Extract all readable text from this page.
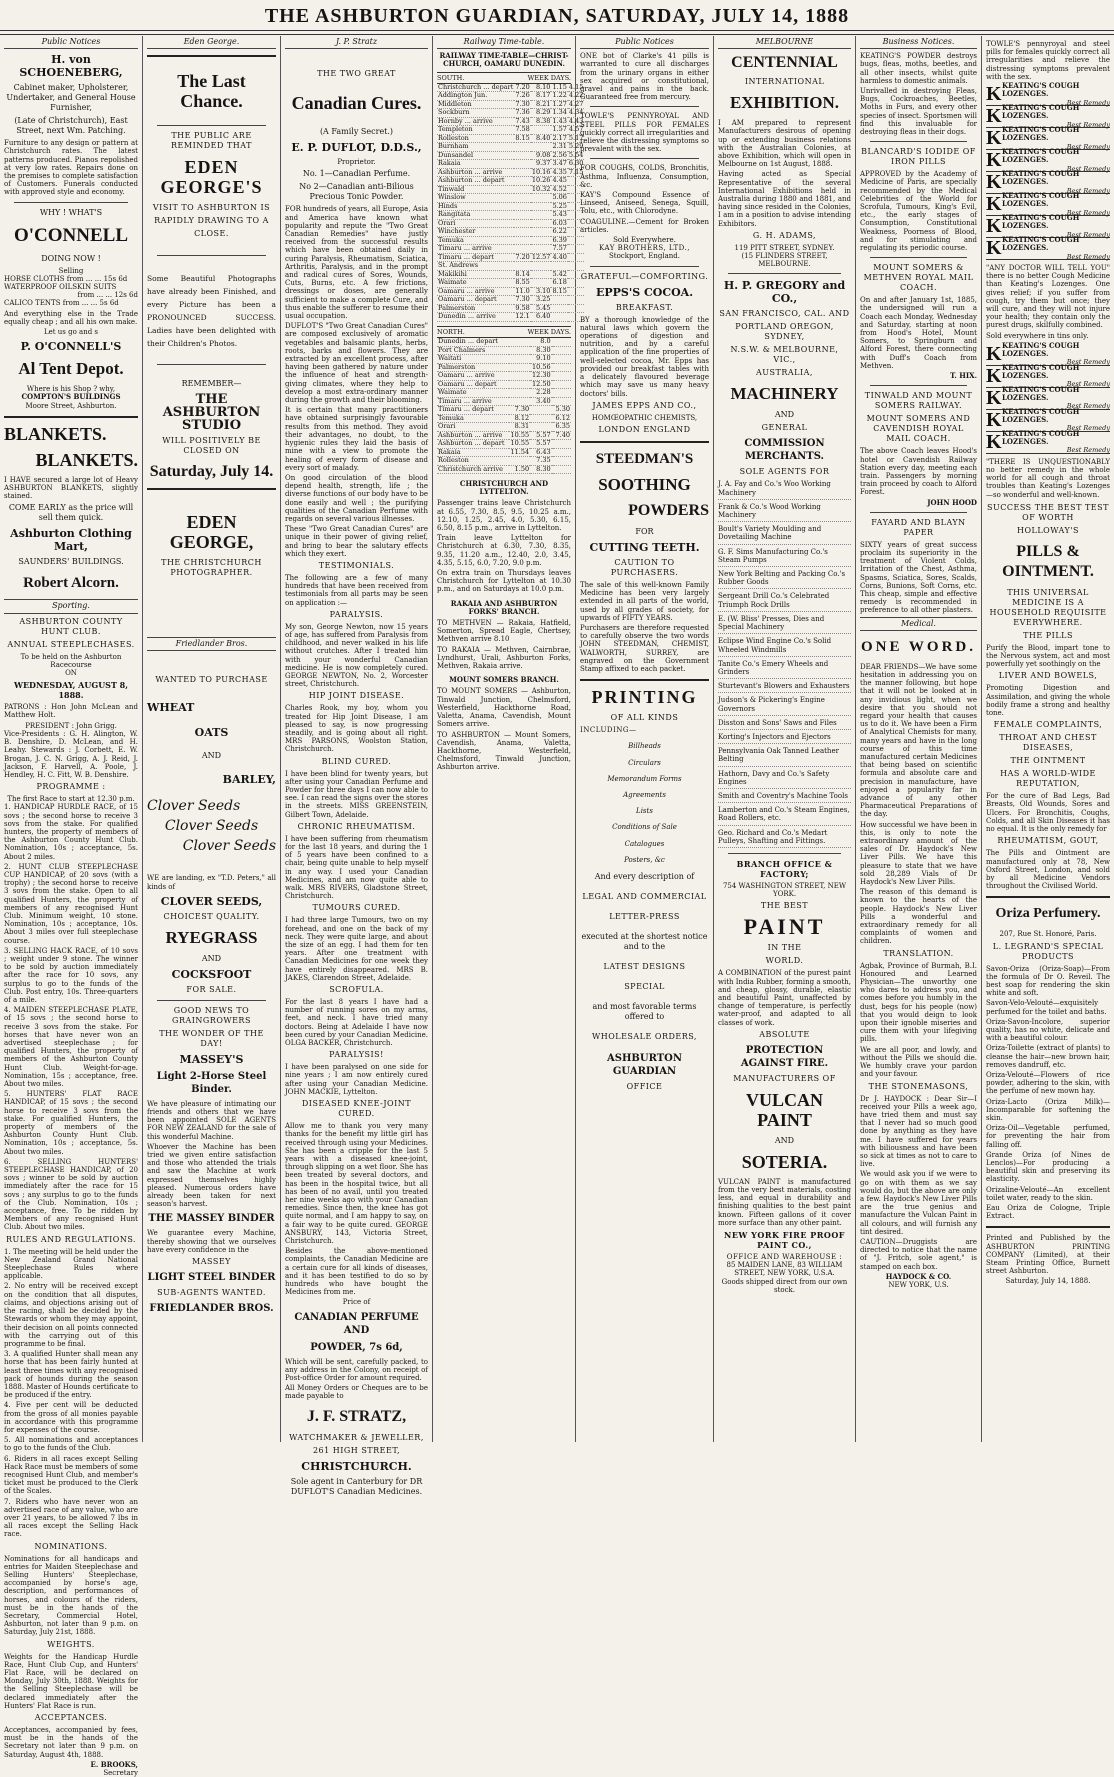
THE ASHBURTON GUARDIAN, SATURDAY, JULY 14, 1888
Public Notices
H. von SCHOENEBERG,
Cabinet maker, Upholsterer, Undertaker, and General House Furnisher,
(Late of Christchurch), East Street, next Wm. Patching.
Furniture to any design or pattern at Christchurch rates. The latest patterns produced. Pianos repolished at very low rates. Repairs done on the premises to complete satisfaction of Customers. Funerals conducted with approved style and economy.
WHY ! WHAT'S
O'CONNELL
DOING NOW !
Selling
HORSE CLOTHS from ... ... 15s 6d
WATERPROOF OILSKIN SUITS
from ... ... 12s 6d
CALICO TENTS from ... ... 5s 6d
And everything else in the Trade equally cheap ; and all his own make.
Let us go and s
P. O'CONNELL'S
Al Tent Depot.
Where is his Shop ? why,
COMPTON'S BUILDINGS
Moore Street, Ashburton.
BLANKETS.
BLANKETS.
I HAVE secured a large lot of Heavy ASHBURTON BLANKETS, slightly stained.
COME EARLY as the price will sell them quick.
Ashburton Clothing Mart,
SAUNDERS' BUILDINGS.
Robert Alcorn.
Sporting.
ASHBURTON COUNTY HUNT CLUB.
ANNUAL STEEPLECHASES.
To be held on the Ashburton Racecourse
ON
WEDNESDAY, AUGUST 8, 1888.
PATRONS : Hon John McLean and Matthew Holt.
PRESIDENT : John Grigg.

Vice-Presidents : G. H. Alington, W. B. Denshire, D. McLean, and H. Leahy. Stewards : J. Corbett, E. W. Brogan, J. C. N. Grigg, A. J. Reid, J. Jackson, F. Harvell, A. Poole, J. Hendley, H. C. Fitt, W. B. Denshire.

PROGRAMME :
The first Race to start at 12.30 p.m.

1. HANDICAP HURDLE RACE, of 15 sovs ; the second horse to receive 3 sovs from the stake. For qualified hunters, the property of members of the Ashburton County Hunt Club. Nomination, 10s ; acceptance, 5s. About 2 miles.

2. HUNT CLUB STEEPLECHASE CUP HANDICAP, of 20 sovs (with a trophy) ; the second horse to receive 3 sovs from the stake. Open to all qualified Hunters, the property of members of any recognised Hunt Club. Minimum weight, 10 stone. Nomination, 10s ; acceptance, 10s. About 3 miles over full steeplechase course.

3. SELLING HACK RACE, of 10 sovs ; weight under 9 stone. The winner to be sold by auction immediately after the race for 10 sovs, any surplus to go to the funds of the Club. Post entry, 10s. Three-quarters of a mile.

4. MAIDEN STEEPLECHASE PLATE, of 15 sovs ; the second horse to receive 3 sovs from the stake. For horses that have never won an advertised steeplechase ; for qualified Hunters, the property of members of the Ashburton County Hunt Club. Weight-for-age. Nomination, 15s ; acceptance, free. About two miles.

5. HUNTERS' FLAT RACE HANDICAP, of 15 sovs ; the second horse to receive 3 sovs from the stake. For qualified Hunters, the property of members of the Ashburton County Hunt Club. Nomination, 10s ; acceptance, 5s. About two miles.

6. SELLING HUNTERS' STEEPLECHASE HANDICAP, of 20 sovs ; winner to be sold by auction immediately after the race for 15 sovs ; any surplus to go to the funds of the Club. Nomination, 10s ; acceptance, free. To be ridden by Members of any recognised Hunt Club. About two miles.

RULES AND REGULATIONS.

1. The meeting will be held under the New Zealand Grand National Steeplechase Rules where applicable.

2. No entry will be received except on the condition that all disputes, claims, and objections arising out of the racing, shall be decided by the Stewards or whom they may appoint, their decision on all points connected with the carrying out of this programme to be final.

3. A qualified Hunter shall mean any horse that has been fairly hunted at least three times with any recognised pack of hounds during the season 1888. Master of Hounds certificate to be produced if the entry.

4. Five per cent will be deducted from the gross of all monies payable in accordance with this programme for expenses of the course.

5. All nominations and acceptances to go to the funds of the Club.

6. Riders in all races except Selling Hack Race must be members of some recognised Hunt Club, and member's ticket must be produced to the Clerk of the Scales.

7. Riders who have never won an advertised race of any value, who are over 21 years, to be allowed 7 lbs in all races except the Selling Hack race.

NOMINATIONS.

Nominations for all handicaps and entries for Maiden Steeplechase and Selling Hunters' Steeplechase, accompanied by horse's age, description, and performances of horses, and colours of the riders, must be in the hands of the Secretary, Commercial Hotel, Ashburton, not later than 9 p.m. on Saturday, July 21st, 1888.

WEIGHTS.

Weights for the Handicap Hurdle Race, Hunt Club Cup, and Hunters' Flat Race, will be declared on Monday, July 30th, 1888. Weights for the Selling Steeplechase will be declared immediately after the Hunters' Flat Race is run.

ACCEPTANCES.

Acceptances, accompanied by fees, must be in the hands of the Secretary not later than 9 p.m. on Saturday, August 4th, 1888.

E. BROOKS,
Secretary
Eden George.
The Last Chance.
THE PUBLIC ARE REMINDED THAT
EDEN GEORGE'S
VISIT TO ASHBURTON IS
RAPIDLY DRAWING TO A
CLOSE.
Some Beautiful Photographs have already been Finished, and every Picture has been a PRONOUNCED SUCCESS. Ladies have been delighted with their Children's Photos.
REMEMBER—
THE ASHBURTON STUDIO
WILL POSITIVELY BE CLOSED ON
Saturday, July 14.
EDEN GEORGE,
THE CHRISTCHURCH PHOTOGRAPHER.
Friedlander Bros.
WANTED TO PURCHASE
WHEAT
OATS
AND
BARLEY,
Clover Seeds
Clover Seeds
Clover Seeds
WE are landing, ex "T.D. Peters," all kinds of
CLOVER SEEDS,
CHOICEST QUALITY.
RYEGRASS
AND
COCKSFOOT
FOR SALE.
GOOD NEWS TO GRAINGROWERS
THE WONDER OF THE DAY!
MASSEY'S
Light 2-Horse Steel Binder.

We have pleasure of intimating our friends and others that we have been appointed SOLE AGENTS FOR NEW ZEALAND for the sale of this wonderful Machine.

Whoever the Machine has been tried we given entire satisfaction and those who attended the trials and saw the Machine at work expressed themselves highly pleased. Numerous orders have already been taken for next season's harvest.

THE MASSEY BINDER

We guarantee every Machine, thereby showing that we ourselves have every confidence in the

MASSEY
LIGHT STEEL BINDER
SUB-AGENTS WANTED.
FRIEDLANDER BROS.
J. P. Stratz
THE TWO GREAT
Canadian Cures.
(A Family Secret.)
E. P. DUFLOT, D.D.S.,
Proprietor.
No. 1—Canadian Perfume.
No 2—Canadian anti-Bilious Precious Tonic Powder.

FOR hundreds of years, all Europe, Asia and America have known what popularity and repute the "Two Great Canadian Remedies" have justly received from the successful results which have been obtained daily in curing Paralysis, Rheumatism, Sciatica, Arthritis, Paralysis, and in the prompt and radical cures of Sores, Wounds, Cuts, Burns, etc. A few frictions, dressings or doses, are generally sufficient to make a complete Cure, and thus enable the sufferer to resume their usual occupation.

DUFLOT'S "Two Great Canadian Cures" are composed exclusively of aromatic vegetables and balsamic plants, herbs, roots, barks and flowers. They are extracted by an excellent process, after having been gathered by nature under the influence of heat and strength-giving climates, where they help to develop a most extra-ordinary manner during the growth and their blooming.

It is certain that many practitioners have obtained surprisingly favourable results from this method. They avoid their advantages, no doubt, to the hygienic rules they laid the basis of mine with a view to promote the healing of every form of disease and every sort of malady.

On good circulation of the blood depend health, strength, life ; the diverse functions of our body have to be done easily and well ; the purifying qualities of the Canadian Perfume with regards on several various illnesses.

These "Two Great Canadian Cures" are unique in their power of giving relief, and bring to bear the salutary effects which they exert.

TESTIMONIALS.

The following are a few of many hundreds that have been received from testimonials from all parts may be seen on application :—

PARALYSIS.

My son, George Newton, now 15 years of age, has suffered from Paralysis from childhood, and never walked in his life without crutches. After I treated him with your wonderful Canadian medicine. He is now completely cured. GEORGE NEWTON, No. 2, Worcester street, Christchurch.

HIP JOINT DISEASE.

Charles Rook, my boy, whom you treated for Hip Joint Disease, I am pleased to say, is now progressing steadily, and is going about all right. MRS PARSONS, Woolston Station, Christchurch.

BLIND CURED.

I have been blind for twenty years, but after using your Canadian Perfume and Powder for three days I can now able to see. I can read the signs over the stores in the streets. MISS GREENSTEIN, Gilbert Town, Adelaide.

CHRONIC RHEUMATISM.

I have been suffering from rheumatism for the last 18 years, and during the 1 of 5 years have been confined to a chair, being quite unable to help myself in any way. I used your Canadian Medicines, and am now quite able to walk. MRS RIVERS, Gladstone Street, Christchurch.

TUMOURS CURED.

I had three large Tumours, two on my forehead, and one on the back of my neck. They were quite large, and about the size of an egg. I had them for ten years. After one treatment with Canadian Medicines for one week they have entirely disappeared. MRS B. JAKES, Clarendon Street, Adelaide.

SCROFULA.

For the last 8 years I have had a number of running sores on my arms, feet, and neck. I have tried many doctors. Being at Adelaide I have now been cured by your Canadian Medicine. OLGA BACKER, Christchurch.

PARALYSIS!

I have been paralysed on one side for nine years ; I am now entirely cured after using your Canadian Medicine. JOHN MACKIE, Lyttelton.

DISEASED KNEE-JOINT CURED.

Allow me to thank you very many thanks for the benefit my little girl has received through using your Medicines. She has been a cripple for the last 5 years with a diseased knee-joint, through slipping on a wet floor. She has been treated by several doctors, and has been in the hospital twice, but all has been of no avail, until you treated her nine weeks ago with your Canadian remedies. Since then, the knee has got quite normal, and I am happy to say, on a fair way to be quite cured. GEORGE ANSBURY, 143, Victoria Street, Christchurch.

Besides the above-mentioned complaints, the Canadian Medicine are a certain cure for all kinds of diseases, and it has been testified to do so by hundreds who have bought the Medicines from me.

Price of
CANADIAN PERFUME AND
POWDER, 7s 6d,

Which will be sent, carefully packed, to any address in the Colony, on receipt of Post-office Order for amount required.

All Money Orders or Cheques are to be made payable to
J. F. STRATZ,
WATCHMAKER & JEWELLER,
261 HIGH STREET,
CHRISTCHURCH.
Sole agent in Canterbury for DR DUFLOT'S Canadian Medicines.
Railway Time-table.
RAILWAY TIME-TABLE—CHRIST-CHURCH, OAMARU DUNEDIN.
SOUTH.	WEEK DAYS.
Christchurch ... depart	7.20	8.10	1.15	4.15
Addington Jun.	7.26	8.17	1.22	4.22
Middleton	7.30	8.21	1.27	4.27
Sockburn	7.36	8.29	1.34	4.34
Hornby ... arrive	7.43	8.38	1.43	4.43
Templeton	7.58		1.57	4.57
Rolleston	8.15	8.40	2.17	5.17
Burnham			2.31	5.29
Dunsandel		9.08	2.56	5.54
Rakaia		9.37	3.47	6.30
Ashburton ... arrive		10.16	4.35	7.15
Ashburton ... depart		10.26	4.45	
Tinwald		10.32	4.52	
Winslow			5.06	
Hinds			5.25	
Rangitata			5.43	
Orari			6.03	
Winchester			6.22	
Temuka			6.39	
Timaru ... arrive			7.57	
Timaru ... depart	7.20	12.57	4.40	
St. Andrews				
Makikihi	8.14		5.42	
Waimate	8.55		6.18	
Oamaru ... arrive	11.0	3.10	8.15	
Oamaru ... depart	7.30	3.25		
Palmerston	9.58	5.45		
Dunedin ... arrive	12.1	6.40		
NORTH.	WEEK DAYS.
Dunedin ... depart		8.0		
Port Chalmers		8.30		
Waitati		9.10		
Palmerston		10.56		
Oamaru ... arrive		12.30		
Oamaru ... depart		12.50		
Waimate		2.28		
Timaru ... arrive		3.40		
Timaru ... depart	7.30			5.30
Temuka	8.12			6.12
Orari	8.31			6.35
Ashburton ... arrive	10.55	5.57		7.40
Ashburton ... depart	10.55	5.57		
Rakaia	11.54	6.43		
Rolleston		7.35		
Christchurch arrive	1.50	8.30		
CHRISTCHURCH AND LYTTELTON.

Passenger trains leave Christchurch at 6.55, 7.30, 8.5, 9.5, 10.25 a.m., 12.10, 1.25, 2.45, 4.0, 5.30, 6.15, 6.50, 8.15 p.m., arrive in Lyttelton.

Train leave Lyttelton for Christchurch at 6.30, 7.30, 8.35, 9.35, 11.20 a.m., 12.40, 2.0, 3.45, 4.35, 5.15, 6.0, 7.20, 9.0 p.m.

On extra train on Thursdays leaves Christchurch for Lyttelton at 10.30 p.m., and on Saturdays at 10.0 p.m.

RAKAIA AND ASHBURTON FORKS' BRANCH.

TO METHVEN — Rakaia, Hatfield, Somerton, Spread Eagle, Chertsey, Methven arrive 8.10

TO RAKAIA — Methven, Cairnbrae, Lyndhurst, Urali, Ashburton Forks, Methven, Rakaia arrive.

MOUNT SOMERS BRANCH.

TO MOUNT SOMERS — Ashburton, Tinwald Junction, Chelmsford, Westerfield, Hackthorne Road, Valetta, Anama, Cavendish, Mount Somers arrive.

TO ASHBURTON — Mount Somers, Cavendish, Anama, Valetta, Hackthorne, Westerfield, Chelmsford, Tinwald Junction, Ashburton arrive.

Public Notices
ONE bot of Clarke's 41 pills is warranted to cure all discharges from the urinary organs in either sex acquired or constitutional, gravel and pains in the back. Guaranteed free from mercury.
TOWLE'S PENNYROYAL AND STEEL PILLS FOR FEMALES quickly correct all irregularities and relieve the distressing symptoms so prevalent with the sex.
FOR COUGHS, COLDS, Bronchitis, Asthma, Influenza, Consumption, &c.
KAY'S Compound Essence of Linseed, Aniseed, Senega, Squill, Tolu, etc., with Chlorodyne.
COAGULINE.—Cement for Broken articles.
Sold Everywhere.
KAY BROTHERS, LTD.,
Stockport, England.
GRATEFUL—COMFORTING.
EPPS'S COCOA.
BREAKFAST.

BY a thorough knowledge of the natural laws which govern the operations of digestion and nutrition, and by a careful application of the fine properties of well-selected cocoa, Mr. Epps has provided our breakfast tables with a delicately flavoured beverage which may save us many heavy doctors' bills.

JAMES EPPS AND CO.,
HOMŒOPATHIC CHEMISTS,
LONDON ENGLAND
STEEDMAN'S
SOOTHING
POWDERS
FOR
CUTTING TEETH.
CAUTION TO PURCHASERS.

The sale of this well-known Family Medicine has been very largely extended in all parts of the world, used by all grades of society, for upwards of FIFTY YEARS.

Purchasers are therefore requested to carefully observe the two words JOHN STEEDMAN, CHEMIST, WALWORTH, SURREY, are engraved on the Government Stamp affixed to each packet.

PRINTING
OF ALL KINDS
INCLUDING—
Billheads
Circulars
Memorandum Forms
Agreements
Lists
Conditions of Sale
Catalogues
Posters, &c
And every description of
LEGAL AND COMMERCIAL
LETTER-PRESS
executed at the shortest notice and to the
LATEST DESIGNS
SPECIAL
and most favorable terms offered to
WHOLESALE ORDERS,
ASHBURTON GUARDIAN
OFFICE
MELBOURNE
CENTENNIAL
INTERNATIONAL
EXHIBITION.

I AM prepared to represent Manufacturers desirous of opening up or extending business relations with the Australian Colonies, at above Exhibition, which will open in Melbourne on 1st August, 1888.

Having acted as Special Representative of the several International Exhibitions held in Australia during 1880 and 1881, and having since resided in the Colonies, I am in a position to advise intending Exhibitors.

G. H. ADAMS,
119 PITT STREET, SYDNEY.
(15 FLINDERS STREET, MELBOURNE.
H. P. GREGORY and CO.,
SAN FRANCISCO, CAL. AND
PORTLAND OREGON, SYDNEY,
N.S.W. & MELBOURNE, VIC.,
AUSTRALIA,
MACHINERY
AND
GENERAL
COMMISSION MERCHANTS.
SOLE AGENTS FOR
J. A. Fay and Co.'s Woo Working Machinery
Frank & Co.'s Wood Working Machinery
Boult's Variety Moulding and Dovetailing Machine
G. F. Sims Manufacturing Co.'s Steam Pumps
New York Belting and Packing Co.'s Rubber Goods
Sergeant Drill Co.'s Celebrated Triumph Rock Drills
E. (W. Bliss' Presses, Dies and Special Machinery
Eclipse Wind Engine Co.'s Solid Wheeled Windmills
Tanite Co.'s Emery Wheels and Grinders
Sturtevant's Blowers and Exhausters
Judson's & Pickering's Engine Governors
Disston and Sons' Saws and Files
Korting's Injectors and Ejectors
Pennsylvania Oak Tanned Leather Belting
Hathorn, Davy and Co.'s Safety Engines
Smith and Coventry's Machine Tools
Lamberton and Co.'s Steam Engines, Road Rollers, etc.
Geo. Richard and Co.'s Medart Pulleys, Shafting and Fittings.
BRANCH OFFICE & FACTORY;
754 WASHINGTON STREET, NEW YORK.
THE BEST
PAINT
IN THE
WORLD.

A COMBINATION of the purest paint with India Rubber, forming a smooth, and cheap, glossy, durable, elastic and beautiful Paint, unaffected by change of temperature, is perfectly water-proof, and adapted to all classes of work.

ABSOLUTE
PROTECTION AGAINST FIRE.
MANUFACTURERS OF
VULCAN PAINT
AND
SOTERIA.

VULCAN PAINT is manufactured from the very best materials, costing less, and equal in durability and finishing qualities to the best paint known. Fifteen gallons of it cover more surface than any other paint.

NEW YORK FIRE PROOF PAINT CO.,
OFFICE AND WAREHOUSE :
85 MAIDEN LANE, 83 WILLIAM STREET, NEW YORK, U.S.A.
Goods shipped direct from our own stock.
Business Notices.
KEATING'S POWDER destroys bugs, fleas, moths, beetles, and all other insects, whilst quite harmless to domestic animals.

Unrivalled in destroying Fleas, Bugs, Cockroaches, Beetles, Moths in Furs, and every other species of insect. Sportsmen will find this invaluable for destroying fleas in their dogs.

BLANCARD'S IODIDE OF IRON PILLS

APPROVED by the Academy of Medicine of Paris, are specially recommended by the Medical Celebrities of the World for Scrofula, Tumours, King's Evil, etc., the early stages of Consumption, Constitutional Weakness, Poorness of Blood, and for stimulating and regulating its periodic course.

MOUNT SOMERS & METHVEN ROYAL MAIL COACH.

On and after January 1st, 1885, the undersigned will run a Coach each Monday, Wednesday and Saturday, starting at noon from Hood's Hotel, Mount Somers, to Springburn and Alford Forest, there connecting with Duff's Coach from Methven.

T. HIX.
TINWALD AND MOUNT SOMERS RAILWAY.
MOUNT SOMERS AND CAVENDISH ROYAL MAIL COACH.

The above Coach leaves Hood's hotel or Cavendish Railway Station every day, meeting each train. Passengers by morning train proceed by coach to Alford Forest.

JOHN HOOD
FAYARD AND BLAYN PAPER

SIXTY years of great success proclaim its superiority in the treatment of Violent Colds, Irritation of the Chest, Asthma, Spasms, Sciatica, Sores, Scalds, Corns, Bunions, Soft Corns, etc. This cheap, simple and effective remedy is recommended in preference to all other plasters.

Medical.
ONE WORD.

DEAR FRIENDS—We have some hesitation in addressing you on the manner following, but hope that it will not be looked at in any invidious light, when we desire that you should not regard your health that causes us to do it. We have been a Firm of Analytical Chemists for many, many years and have in the long course of this time manufactured certain Medicines that being based on scientific formula and absolute care and precision in manufacture, have enjoyed a popularity far in advance of any other Pharmaceutical Preparations of the day.

How successful we have been in this, is only to note the extraordinary amount of the sales of Dr. Haydock's New Liver Pills. We have this pleasure to state that we have sold 28,289 Vials of Dr Haydock's New Liver Pills.

The reason of this demand is known to the hearts of the people. Haydock's New Liver Pills a wonderful and extraordinary remedy for all complaints of women and children.

TRANSLATION.

Agbak, Province of Burmah, B.I. Honoured and Learned Physician—The unworthy one who dares to address you, and comes before you humbly in the dust, begs for his people (now) that you would deign to look upon their ignoble miseries and cure them with your lifegiving pills.

We are all poor, and lowly, and without the Pills we should die. We humbly crave your pardon and your favour.

THE STONEMASONS,

Dr J. HAYDOCK : Dear Sir—I received your Pills a week ago, have tried them and must say that I never had so much good done by anything as they have me. I have suffered for years with biliousness and have been so sick at times as not to care to live.

We would ask you if we were to go on with them as we say would do, but the above are only a few. Haydock's New Liver Pills are the true genius and manufacture the Vulcan Paint in all colours, and will furnish any tint desired.

CAUTION—Druggists are directed to notice that the name of "J. Fritch, sole agent," is stamped on each box.

HAYDOCK & CO.
NEW YORK, U.S.
TOWLE'S pennyroyal and steel pills for females quickly correct all irregularities and relieve the distressing symptoms prevalent with the sex.
K KEATING'S COUGH LOZENGES.
Best Remedy
K KEATING'S COUGH LOZENGES.
Best Remedy
K KEATING'S COUGH LOZENGES.
Best Remedy
K KEATING'S COUGH LOZENGES.
Best Remedy
K KEATING'S COUGH LOZENGES.
Best Remedy
K KEATING'S COUGH LOZENGES.
Best Remedy
K KEATING'S COUGH LOZENGES.
Best Remedy
K KEATING'S COUGH LOZENGES.
Best Remedy

"ANY DOCTOR WILL TELL YOU" there is no better Cough Medicine than Keating's Lozenges. One gives relief; if you suffer from cough, try them but once; they will cure, and they will not injure your health; they contain only the purest drugs, skilfully combined.

Sold everywhere in tins only.

K KEATING'S COUGH LOZENGES.
Best Remedy
K KEATING'S COUGH LOZENGES.
Best Remedy
K KEATING'S COUGH LOZENGES.
Best Remedy
K KEATING'S COUGH LOZENGES.
Best Remedy
K KEATING'S COUGH LOZENGES.
Best Remedy

"THERE IS UNQUESTIONABLY no better remedy in the whole world for all cough and throat troubles than Keating's Lozenges—so wonderful and well-known.

SUCCESS THE BEST TEST OF WORTH
HOLLOWAY'S
PILLS & OINTMENT.
THIS UNIVERSAL MEDICINE IS A HOUSEHOLD REQUISITE EVERYWHERE.
THE PILLS

Purify the Blood, impart tone to the Nervous system, act and most powerfully yet soothingly on the

LIVER AND BOWELS,

Promoting Digestion and Assimilation, and giving the whole bodily frame a strong and healthy tone.

FEMALE COMPLAINTS,
THROAT AND CHEST DISEASES,
THE OINTMENT
HAS A WORLD-WIDE REPUTATION,

For the cure of Bad Legs, Bad Breasts, Old Wounds, Sores and Ulcers. For Bronchitis, Coughs, Colds, and all Skin Diseases it has no equal. It is the only remedy for

RHEUMATISM, GOUT,

The Pills and Ointment are manufactured only at 78, New Oxford Street, London, and sold by all Medicine Vendors throughout the Civilised World.

Oriza Perfumery.
207, Rue St. Honoré, Paris.
L. LEGRAND'S SPECIAL PRODUCTS

Savon-Oriza (Oriza-Soap)—From the formula of Dr O. Reveil. The best soap for rendering the skin white and soft.

Savon-Velo-Velouté—exquisitely perfumed for the toilet and baths.

Oriza-Savon-Incolore, superior quality, has no white, delicate and with a beautiful colour.

Oriza-Toilette (extract of plants) to cleanse the hair—new brown hair, removes dandruff, etc.

Oriza-Velouté—Flowers of rice powder, adhering to the skin, with the perfume of new mown hay.

Oriza-Lacto (Oriza Milk)—Incomparable for softening the skin.

Oriza-Oil—Vegetable perfumed, for preventing the hair from falling off.

Grande Oriza (of Nines de Lenclos)—For producing a beautiful skin and preserving its elasticity.

Orizaline-Velouté—An excellent toilet water, ready to the skin.

Eau Oriza de Cologne, Triple Extract.

Printed and Published by the ASHBURTON PRINTING COMPANY (Limited), at their Steam Printing Office, Burnett street Ashburton.
Saturday, July 14, 1888.
